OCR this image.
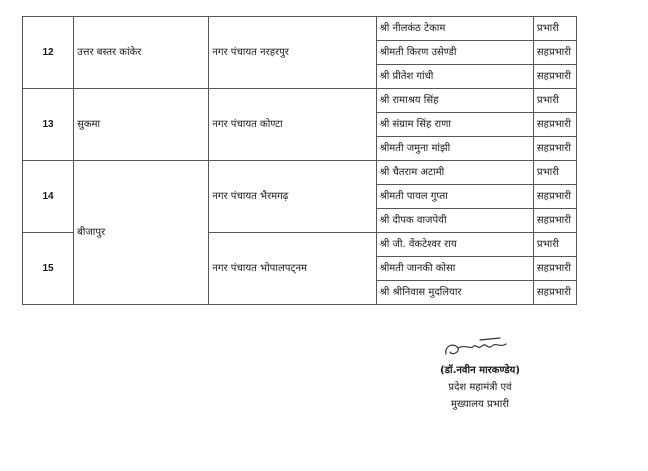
12	उत्तर बस्तर कांकेर	नगर पंचायत नरहरपुर	श्री नीलकंठ टेकाम	प्रभारी
			श्रीमती किरण उसेण्डी	सहप्रभारी
			श्री प्रीतेश गांधी	सहप्रभारी
13	सुकमा	नगर पंचायत कोण्टा	श्री रामाश्रय सिंह	प्रभारी
			श्री संग्राम सिंह राणा	सहप्रभारी
			श्रीमती जमुना मांझी	सहप्रभारी
14	बीजापुर	नगर पंचायत भैरमगढ़	श्री चैतराम अटामी	प्रभारी
			श्रीमती पायल गुप्ता	सहप्रभारी
			श्री दीपक वाजपेयी	सहप्रभारी
15		नगर पंचायत भोपालपट्नम	श्री जी. वेंकटेश्वर राय	प्रभारी
			श्रीमती जानकी कोसा	सहप्रभारी
			श्री श्रीनिवास मुदलियार	सहप्रभारी
(डॉ.नवीन मारकण्डेय)
प्रदेश महामंत्री एवं
मुख्यालय प्रभारी
